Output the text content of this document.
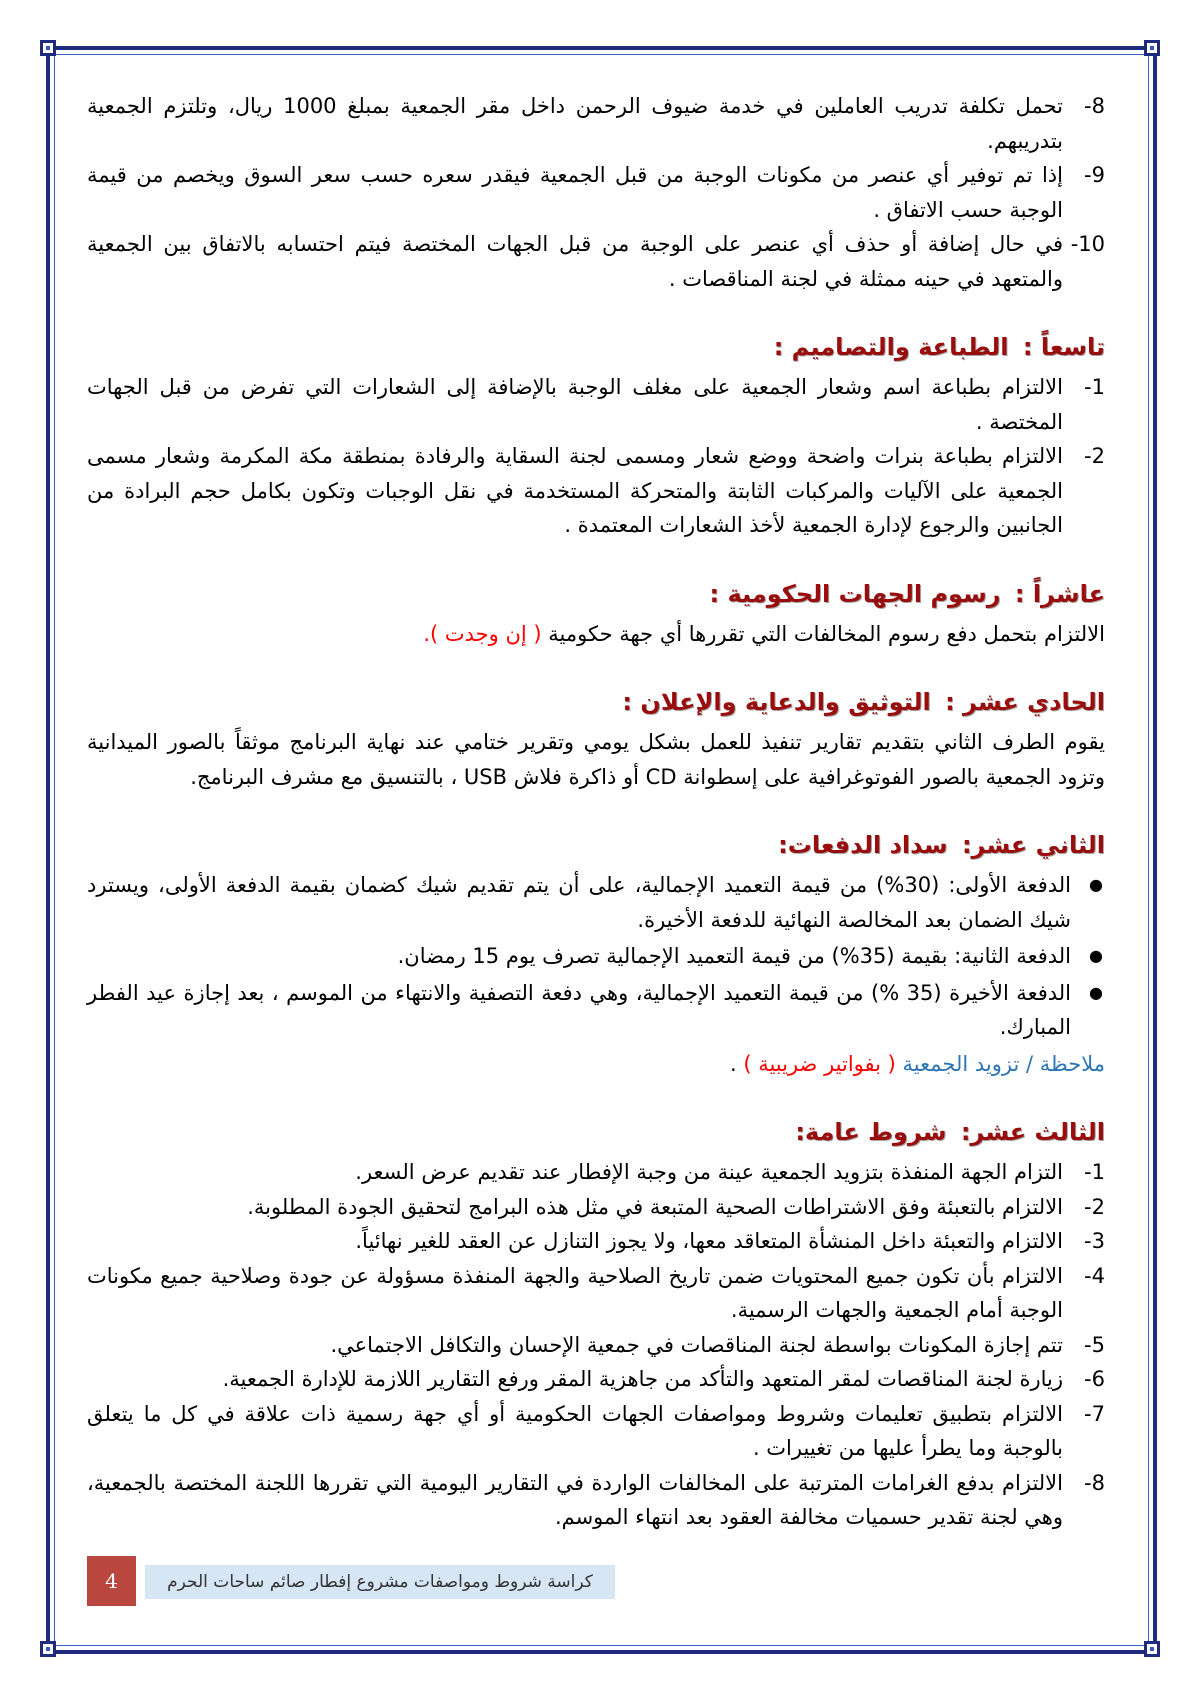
8-
تحمل تكلفة تدريب العاملين في خدمة ضيوف الرحمن داخل مقر الجمعية بمبلغ 1000 ريال، وتلتزم الجمعية بتدريبهم.
9-
إذا تم توفير أي عنصر من مكونات الوجبة من قبل الجمعية فيقدر سعره حسب سعر السوق ويخصم من قيمة الوجبة حسب الاتفاق .
10-
في حال إضافة أو حذف أي عنصر على الوجبة من قبل الجهات المختصة فيتم احتسابه بالاتفاق بين الجمعية والمتعهد في حينه ممثلة في لجنة المناقصات .
تاسعاً : الطباعة والتصاميم :
1-
الالتزام بطباعة اسم وشعار الجمعية على مغلف الوجبة بالإضافة إلى الشعارات التي تفرض من قبل الجهات المختصة .
2-
الالتزام بطباعة بنرات واضحة ووضع شعار ومسمى لجنة السقاية والرفادة بمنطقة مكة المكرمة وشعار مسمى الجمعية على الآليات والمركبات الثابتة والمتحركة المستخدمة في نقل الوجبات وتكون بكامل حجم البرادة من الجانبين والرجوع لإدارة الجمعية لأخذ الشعارات المعتمدة .
عاشراً : رسوم الجهات الحكومية :
الالتزام بتحمل دفع رسوم المخالفات التي تقررها أي جهة حكومية ( إن وجدت ).
الحادي عشر : التوثيق والدعاية والإعلان :
يقوم الطرف الثاني بتقديم تقارير تنفيذ للعمل بشكل يومي وتقرير ختامي عند نهاية البرنامج موثقاً بالصور الميدانية وتزود الجمعية بالصور الفوتوغرافية على إسطوانة CD أو ذاكرة فلاش USB ، بالتنسيق مع مشرف البرنامج.
الثاني عشر: سداد الدفعات:
●
الدفعة الأولى: (30%) من قيمة التعميد الإجمالية، على أن يتم تقديم شيك كضمان بقيمة الدفعة الأولى، ويسترد شيك الضمان بعد المخالصة النهائية للدفعة الأخيرة.
●
الدفعة الثانية: بقيمة (35%) من قيمة التعميد الإجمالية تصرف يوم 15 رمضان.
●
الدفعة الأخيرة (35 %) من قيمة التعميد الإجمالية، وهي دفعة التصفية والانتهاء من الموسم ، بعد إجازة عيد الفطر المبارك.
ملاحظة / تزويد الجمعية ( بفواتير ضريبية ) .
الثالث عشر: شروط عامة:
1-
التزام الجهة المنفذة بتزويد الجمعية عينة من وجبة الإفطار عند تقديم عرض السعر.
2-
الالتزام بالتعبئة وفق الاشتراطات الصحية المتبعة في مثل هذه البرامج لتحقيق الجودة المطلوبة.
3-
الالتزام والتعبئة داخل المنشأة المتعاقد معها، ولا يجوز التنازل عن العقد للغير نهائياً.
4-
الالتزام بأن تكون جميع المحتويات ضمن تاريخ الصلاحية والجهة المنفذة مسؤولة عن جودة وصلاحية جميع مكونات الوجبة أمام الجمعية والجهات الرسمية.
5-
تتم إجازة المكونات بواسطة لجنة المناقصات في جمعية الإحسان والتكافل الاجتماعي.
6-
زيارة لجنة المناقصات لمقر المتعهد والتأكد من جاهزية المقر ورفع التقارير اللازمة للإدارة الجمعية.
7-
الالتزام بتطبيق تعليمات وشروط ومواصفات الجهات الحكومية أو أي جهة رسمية ذات علاقة في كل ما يتعلق بالوجبة وما يطرأ عليها من تغييرات .
8-
الالتزام بدفع الغرامات المترتبة على المخالفات الواردة في التقارير اليومية التي تقررها اللجنة المختصة بالجمعية، وهي لجنة تقدير حسميات مخالفة العقود بعد انتهاء الموسم.
4	كراسة شروط ومواصفات مشروع إفطار صائم ساحات الحرم
